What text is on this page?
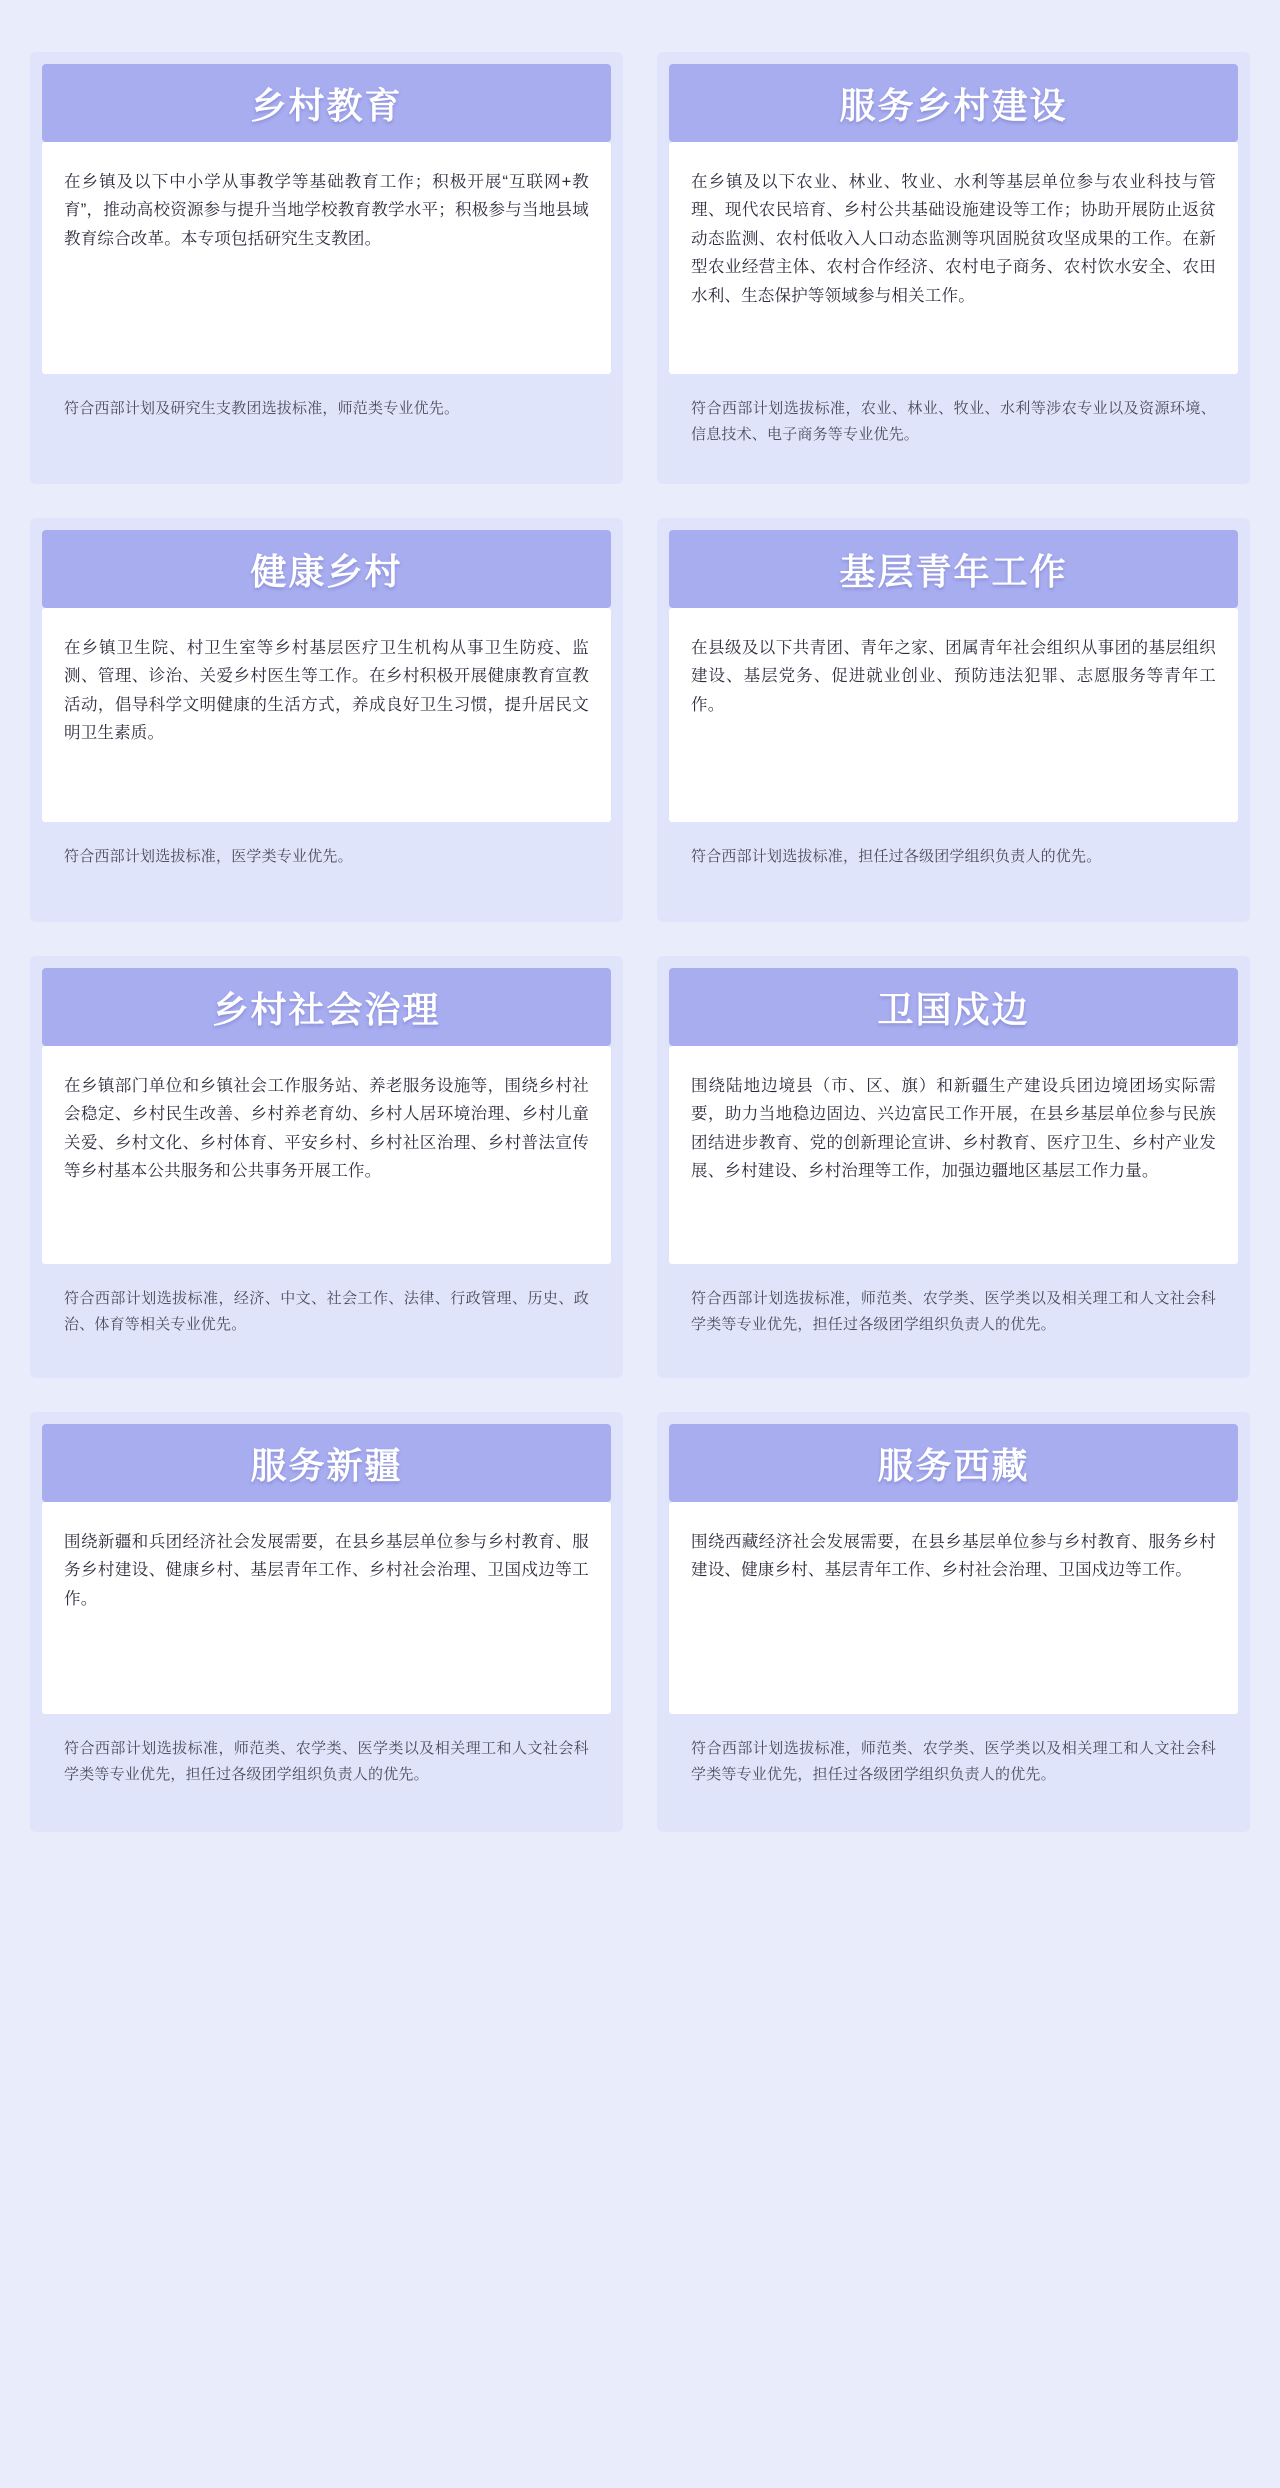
乡村教育
在乡镇及以下中小学从事教学等基础教育工作；积极开展“互联网+教育”，推动高校资源参与提升当地学校教育教学水平；积极参与当地县域教育综合改革。本专项包括研究生支教团。
符合西部计划及研究生支教团选拔标准，师范类专业优先。
服务乡村建设
在乡镇及以下农业、林业、牧业、水利等基层单位参与农业科技与管理、现代农民培育、乡村公共基础设施建设等工作；协助开展防止返贫动态监测、农村低收入人口动态监测等巩固脱贫攻坚成果的工作。在新型农业经营主体、农村合作经济、农村电子商务、农村饮水安全、农田水利、生态保护等领域参与相关工作。
符合西部计划选拔标准，农业、林业、牧业、水利等涉农专业以及资源环境、信息技术、电子商务等专业优先。
健康乡村
在乡镇卫生院、村卫生室等乡村基层医疗卫生机构从事卫生防疫、监测、管理、诊治、关爱乡村医生等工作。在乡村积极开展健康教育宣教活动，倡导科学文明健康的生活方式，养成良好卫生习惯，提升居民文明卫生素质。
符合西部计划选拔标准，医学类专业优先。
基层青年工作
在县级及以下共青团、青年之家、团属青年社会组织从事团的基层组织建设、基层党务、促进就业创业、预防违法犯罪、志愿服务等青年工作。
符合西部计划选拔标准，担任过各级团学组织负责人的优先。
乡村社会治理
在乡镇部门单位和乡镇社会工作服务站、养老服务设施等，围绕乡村社会稳定、乡村民生改善、乡村养老育幼、乡村人居环境治理、乡村儿童关爱、乡村文化、乡村体育、平安乡村、乡村社区治理、乡村普法宣传等乡村基本公共服务和公共事务开展工作。
符合西部计划选拔标准，经济、中文、社会工作、法律、行政管理、历史、政治、体育等相关专业优先。
卫国戍边
围绕陆地边境县（市、区、旗）和新疆生产建设兵团边境团场实际需要，助力当地稳边固边、兴边富民工作开展，在县乡基层单位参与民族团结进步教育、党的创新理论宣讲、乡村教育、医疗卫生、乡村产业发展、乡村建设、乡村治理等工作，加强边疆地区基层工作力量。
符合西部计划选拔标准，师范类、农学类、医学类以及相关理工和人文社会科学类等专业优先，担任过各级团学组织负责人的优先。
服务新疆
围绕新疆和兵团经济社会发展需要，在县乡基层单位参与乡村教育、服务乡村建设、健康乡村、基层青年工作、乡村社会治理、卫国戍边等工作。
符合西部计划选拔标准，师范类、农学类、医学类以及相关理工和人文社会科学类等专业优先，担任过各级团学组织负责人的优先。
服务西藏
围绕西藏经济社会发展需要，在县乡基层单位参与乡村教育、服务乡村建设、健康乡村、基层青年工作、乡村社会治理、卫国戍边等工作。
符合西部计划选拔标准，师范类、农学类、医学类以及相关理工和人文社会科学类等专业优先，担任过各级团学组织负责人的优先。
